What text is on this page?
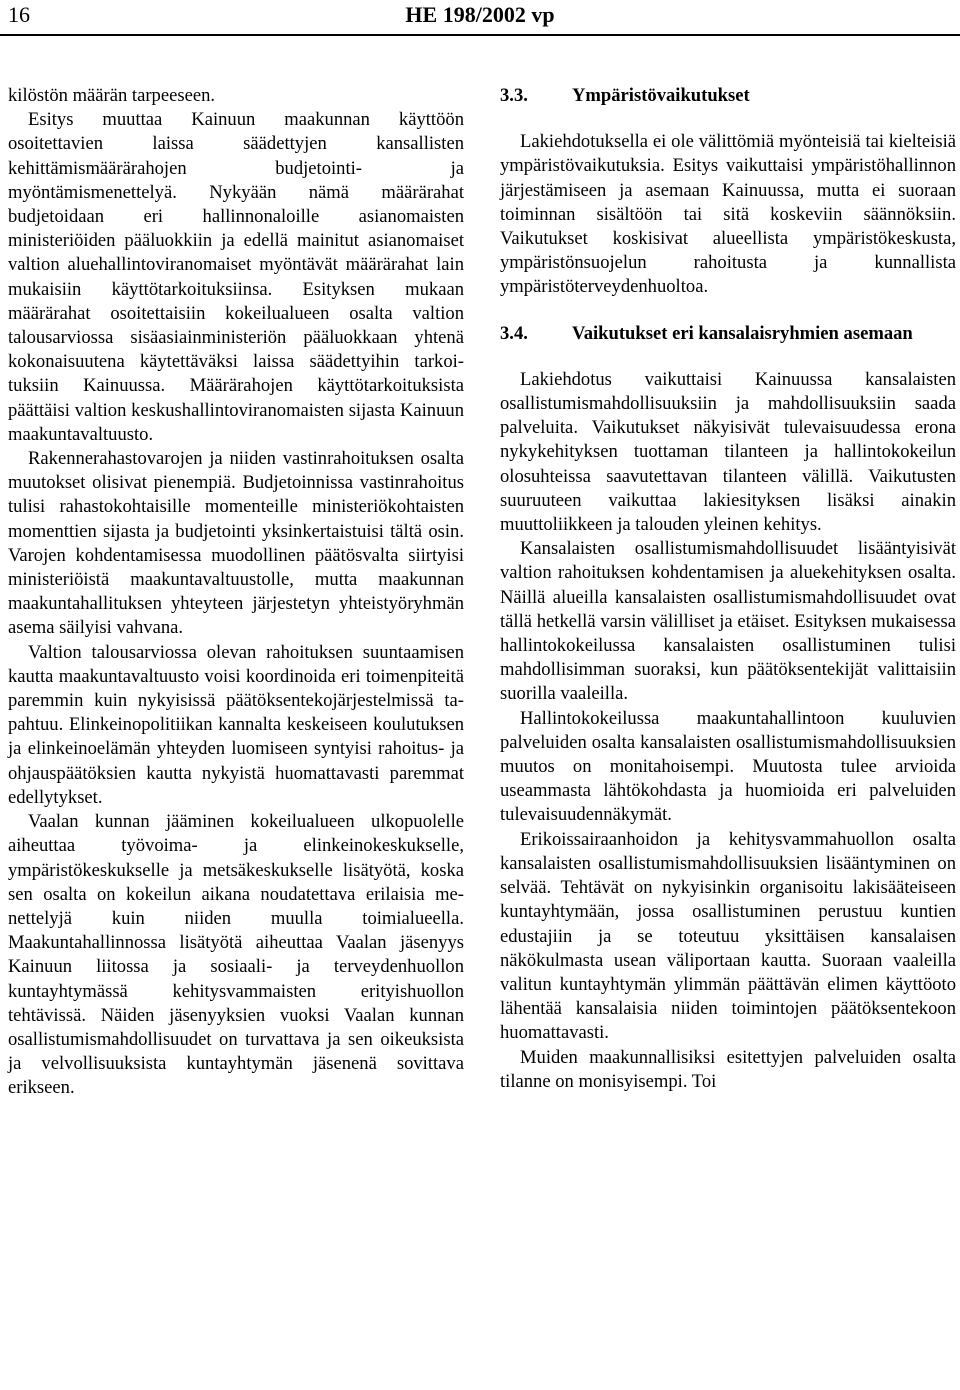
16	HE 198/2002 vp

kilöstön määrän tarpeeseen.

Esitys muuttaa Kainuun maakunnan käyttöön osoitettavien laissa säädettyjen kansallisten kehittämismäärärahojen budjetointi- ja myöntämismenettelyä. Nykyään nämä määrärahat budjetoidaan eri hallinnonaloille asianomaisten ministeriöiden pääluokkiin ja edellä mainitut asianomaiset valtion aluehallintoviranomaiset myöntävät määrärahat lain mukaisiin käyttötarkoituksiinsa. Esityksen mukaan määrärahat osoitettaisiin kokeilualueen osalta valtion talousarviossa sisäasiainministeriön pääluokkaan yhtenä kokonaisuutena käytettäväksi laissa säädettyihin tarkoituksiin Kainuussa. Määrärahojen käyttötarkoituksista päättäisi valtion keskushallintoviranomaisten sijasta Kainuun maakuntavaltuusto.

Rakennerahastovarojen ja niiden vastinrahoituksen osalta muutokset olisivat pienempiä. Budjetoinnissa vastinrahoitus tulisi rahastokohtaisille momenteille ministeriökohtaisten momenttien sijasta ja budjetointi yksinkertaistuisi tältä osin. Varojen kohdentamisessa muodollinen päätösvalta siirtyisi ministeriöistä maakuntavaltuustolle, mutta maakunnan maakuntahallituksen yhteyteen järjestetyn yhteistyöryhmän asema säilyisi vahvana.

Valtion talousarviossa olevan rahoituksen suuntaamisen kautta maakuntavaltuusto voisi koordinoida eri toimenpiteitä paremmin kuin nykyisissä päätöksentekojärjestelmissä tapahtuu. Elinkeinopolitiikan kannalta keskeiseen koulutuksen ja elinkeinoelämän yhteyden luomiseen syntyisi rahoitus- ja ohjauspäätöksien kautta nykyistä huomattavasti paremmat edellytykset.

Vaalan kunnan jääminen kokeilualueen ulkopuolelle aiheuttaa työvoima- ja elinkeinokeskukselle, ympäristökeskukselle ja metsäkeskukselle lisätyötä, koska sen osalta on kokeilun aikana noudatettava erilaisia menettelyjä kuin niiden muulla toimialueella. Maakuntahallinnossa lisätyötä aiheuttaa Vaalan jäsenyys Kainuun liitossa ja sosiaali- ja terveydenhuollon kuntayhtymässä kehitysvammaisten erityishuollon tehtävissä. Näiden jäsenyyksien vuoksi Vaalan kunnan osallistumismahdollisuudet on turvattava ja sen oikeuksista ja velvollisuuksista kuntayhtymän jäsenenä sovittava erikseen.

3.3.	Ympäristövaikutukset

Lakiehdotuksella ei ole välittömiä myönteisiä tai kielteisiä ympäristövaikutuksia. Esitys vaikuttaisi ympäristöhallinnon järjestämiseen ja asemaan Kainuussa, mutta ei suoraan toiminnan sisältöön tai sitä koskeviin säännöksiin. Vaikutukset koskisivat alueellista ympäristökeskusta, ympäristönsuojelun rahoitusta ja kunnallista ympäristöterveydenhuoltoa.

3.4.	Vaikutukset eri kansalaisryhmien asemaan

Lakiehdotus vaikuttaisi Kainuussa kansalaisten osallistumismahdollisuuksiin ja mahdollisuuksiin saada palveluita. Vaikutukset näkyisivät tulevaisuudessa erona nykykehityksen tuottaman tilanteen ja hallintokokeilun olosuhteissa saavutettavan tilanteen välillä. Vaikutusten suuruuteen vaikuttaa lakiesityksen lisäksi ainakin muuttoliikkeen ja talouden yleinen kehitys.

Kansalaisten osallistumismahdollisuudet lisääntyisivät valtion rahoituksen kohdentamisen ja aluekehityksen osalta. Näillä alueilla kansalaisten osallistumismahdollisuudet ovat tällä hetkellä varsin välilliset ja etäiset. Esityksen mukaisessa hallintokokeilussa kansalaisten osallistuminen tulisi mahdollisimman suoraksi, kun päätöksentekijät valittaisiin suorilla vaaleilla.

Hallintokokeilussa maakuntahallintoon kuuluvien palveluiden osalta kansalaisten osallistumismahdollisuuksien muutos on monitahoisempi. Muutosta tulee arvioida useammasta lähtökohdasta ja huomioida eri palveluiden tulevaisuudennäkymät.

Erikoissairaanhoidon ja kehitysvammahuollon osalta kansalaisten osallistumismahdollisuuksien lisääntyminen on selvää. Tehtävät on nykyisinkin organisoitu lakisääteiseen kuntayhtymään, jossa osallistuminen perustuu kuntien edustajiin ja se toteutuu yksittäisen kansalaisen näkökulmasta usean väliportaan kautta. Suoraan vaaleilla valitun kuntayhtymän ylimmän päättävän elimen käyttöoto lähentää kansalaisia niiden toimintojen päätöksentekoon huomattavasti.

Muiden maakunnallisiksi esitettyjen palveluiden osalta tilanne on monisyisempi. Toi
